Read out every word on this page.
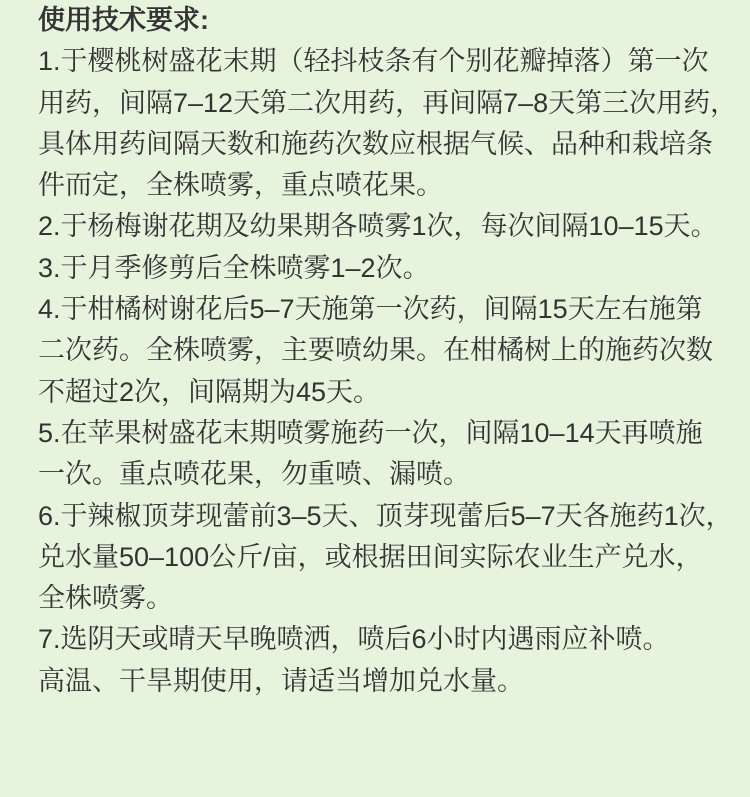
使用技术要求:
1.于樱桃树盛花末期（轻抖枝条有个别花瓣掉落）第一次
用药，间隔7–12天第二次用药，再间隔7–8天第三次用药，
具体用药间隔天数和施药次数应根据气候、品种和栽培条
件而定，全株喷雾，重点喷花果。
2.于杨梅谢花期及幼果期各喷雾1次，每次间隔10–15天。
3.于月季修剪后全株喷雾1–2次。
4.于柑橘树谢花后5–7天施第一次药，间隔15天左右施第
二次药。全株喷雾，主要喷幼果。在柑橘树上的施药次数
不超过2次，间隔期为45天。
5.在苹果树盛花末期喷雾施药一次，间隔10–14天再喷施
一次。重点喷花果，勿重喷、漏喷。
6.于辣椒顶芽现蕾前3–5天、顶芽现蕾后5–7天各施药1次，
兑水量50–100公斤/亩，或根据田间实际农业生产兑水，
全株喷雾。
7.选阴天或晴天早晚喷洒，喷后6小时内遇雨应补喷。
高温、干旱期使用，请适当增加兑水量。
